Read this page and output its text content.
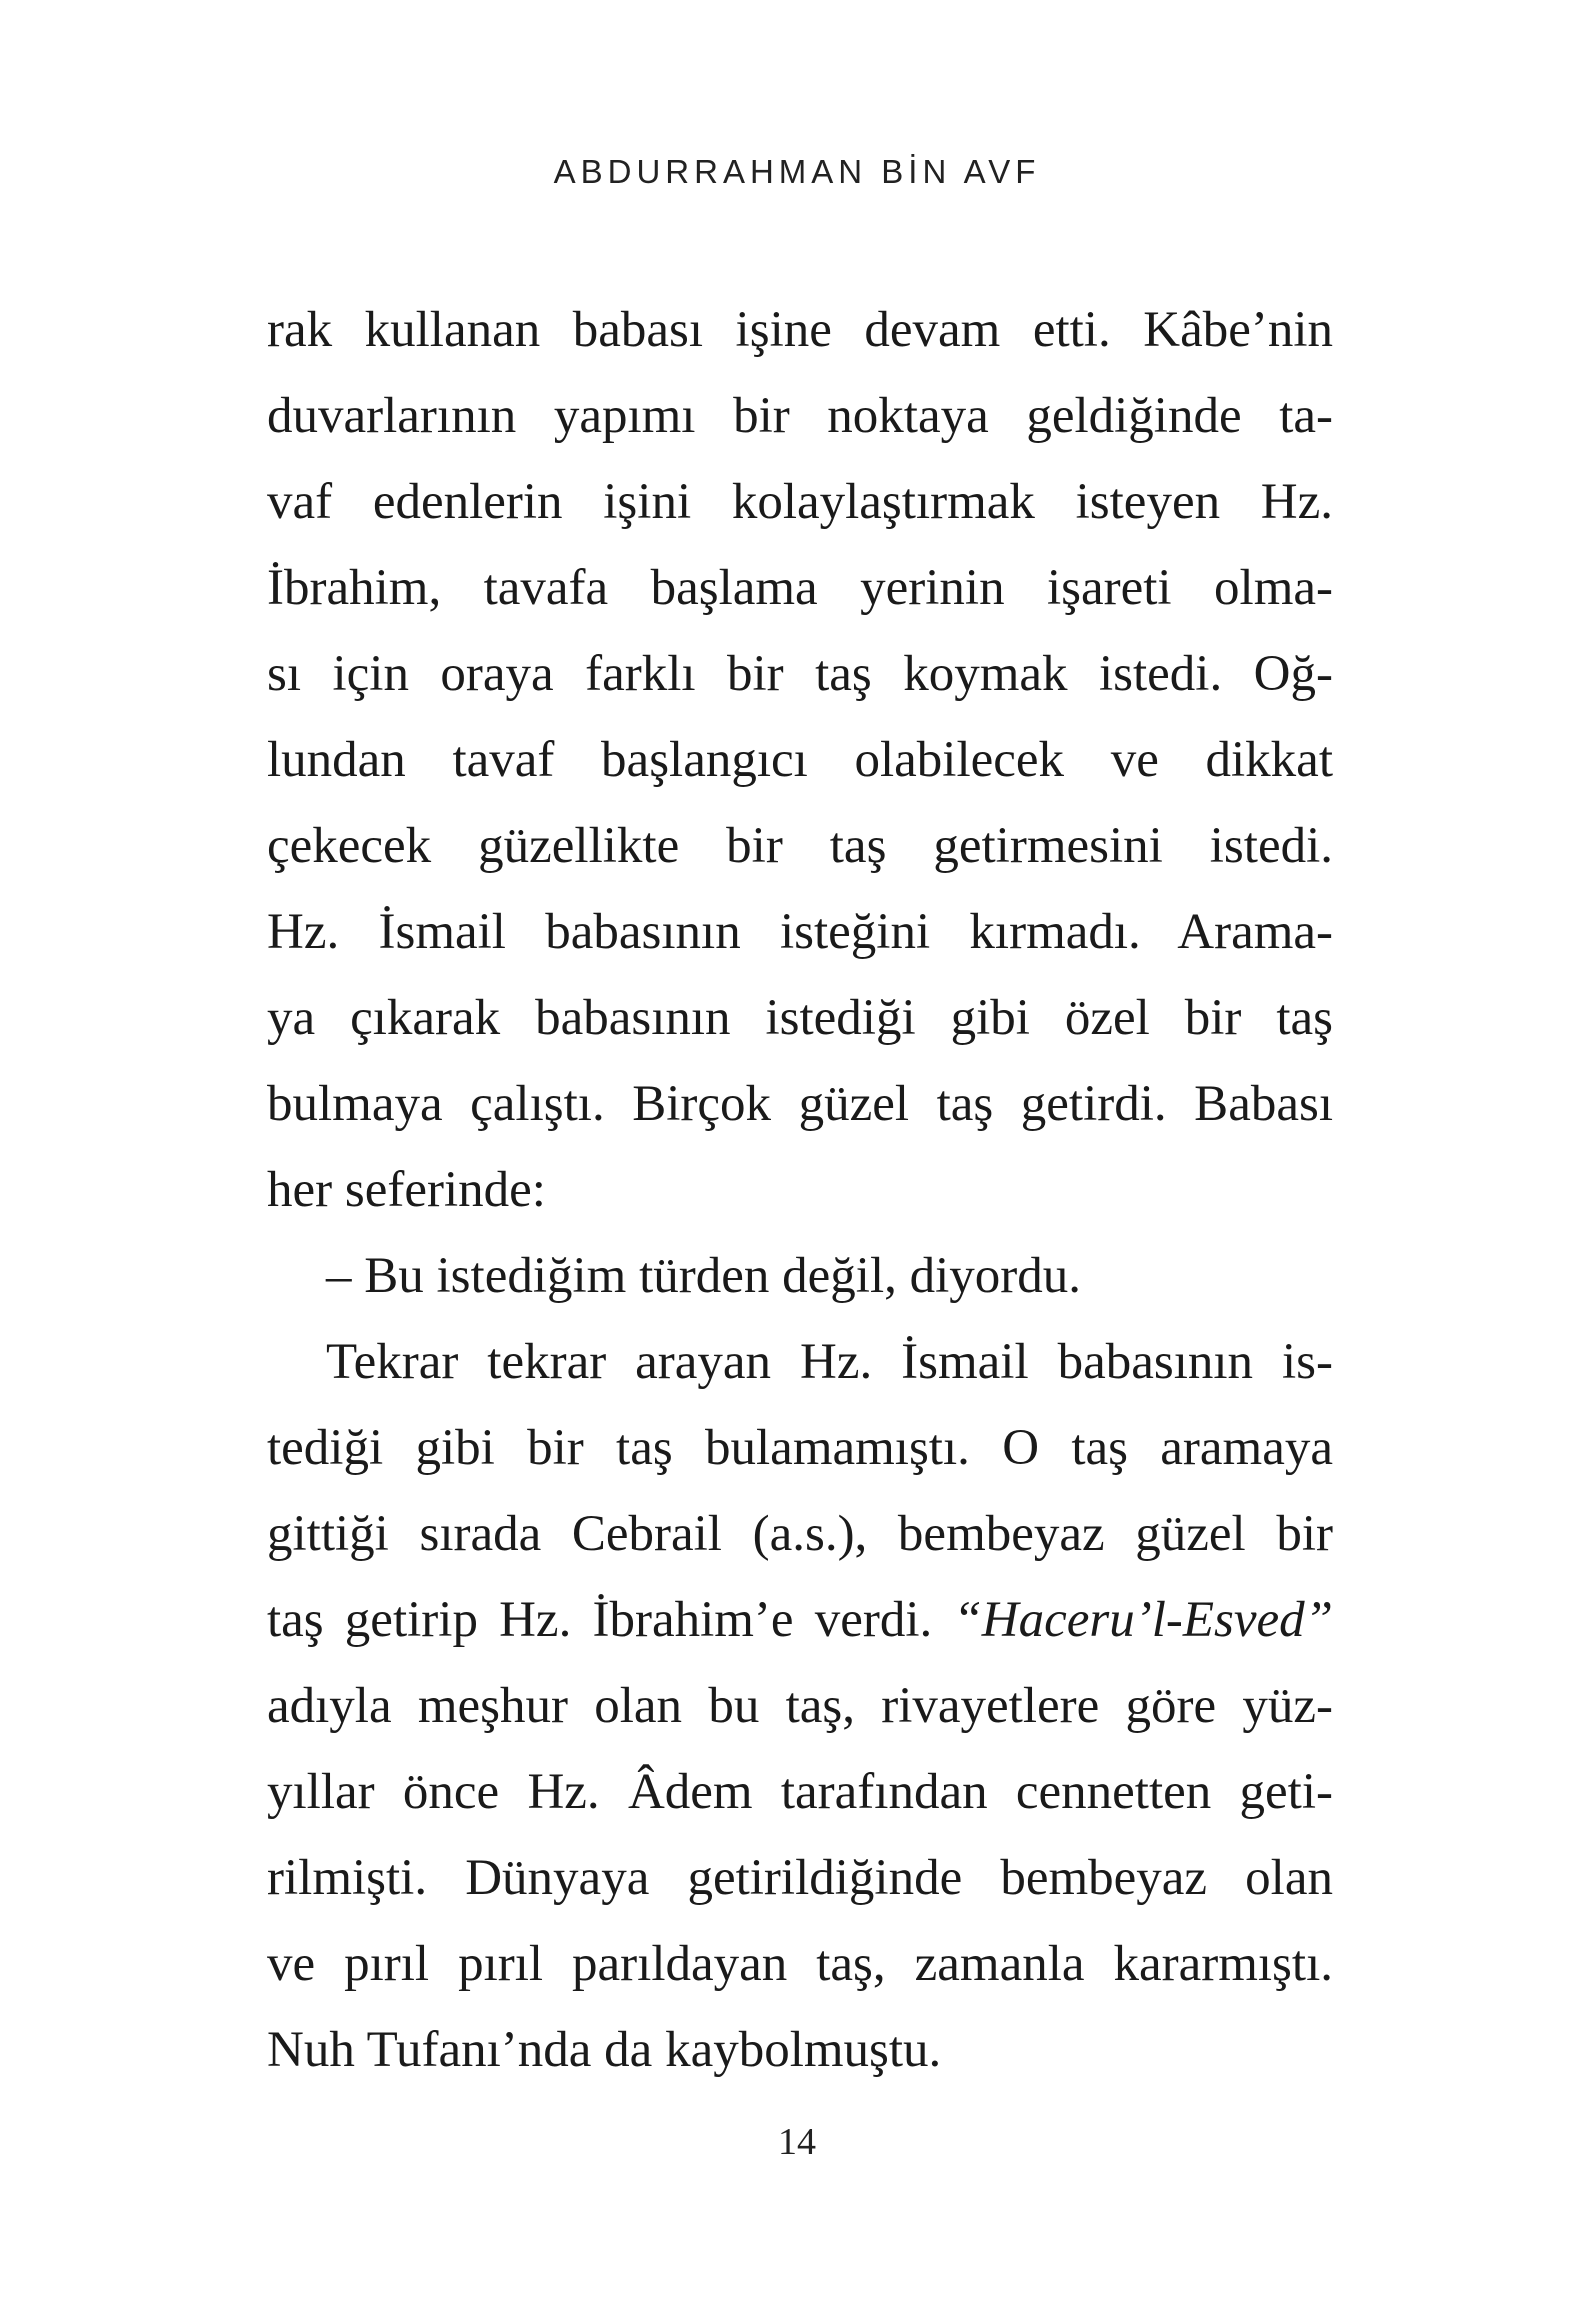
ABDURRAHMAN BİN AVF
rak kullanan babası işine devam etti. Kâbe’nin
duvarlarının yapımı bir noktaya geldiğinde ta-
vaf edenlerin işini kolaylaştırmak isteyen Hz.
İbrahim, tavafa başlama yerinin işareti olma-
sı için oraya farklı bir taş koymak istedi. Oğ-
lundan tavaf başlangıcı olabilecek ve dikkat
çekecek güzellikte bir taş getirmesini istedi.
Hz. İsmail babasının isteğini kırmadı. Arama-
ya çıkarak babasının istediği gibi özel bir taş
bulmaya çalıştı. Birçok güzel taş getirdi. Babası
her seferinde:
– Bu istediğim türden değil, diyordu.
Tekrar tekrar arayan Hz. İsmail babasının is-
tediği gibi bir taş bulamamıştı. O taş aramaya
gittiği sırada Cebrail (a.s.), bembeyaz güzel bir
taş getirip Hz. İbrahim’e verdi. “Haceru’l-Esved”
adıyla meşhur olan bu taş, rivayetlere göre yüz-
yıllar önce Hz. Âdem tarafından cennetten geti-
rilmişti. Dünyaya getirildiğinde bembeyaz olan
ve pırıl pırıl parıldayan taş, zamanla kararmıştı.
Nuh Tufanı’nda da kaybolmuştu.
14
